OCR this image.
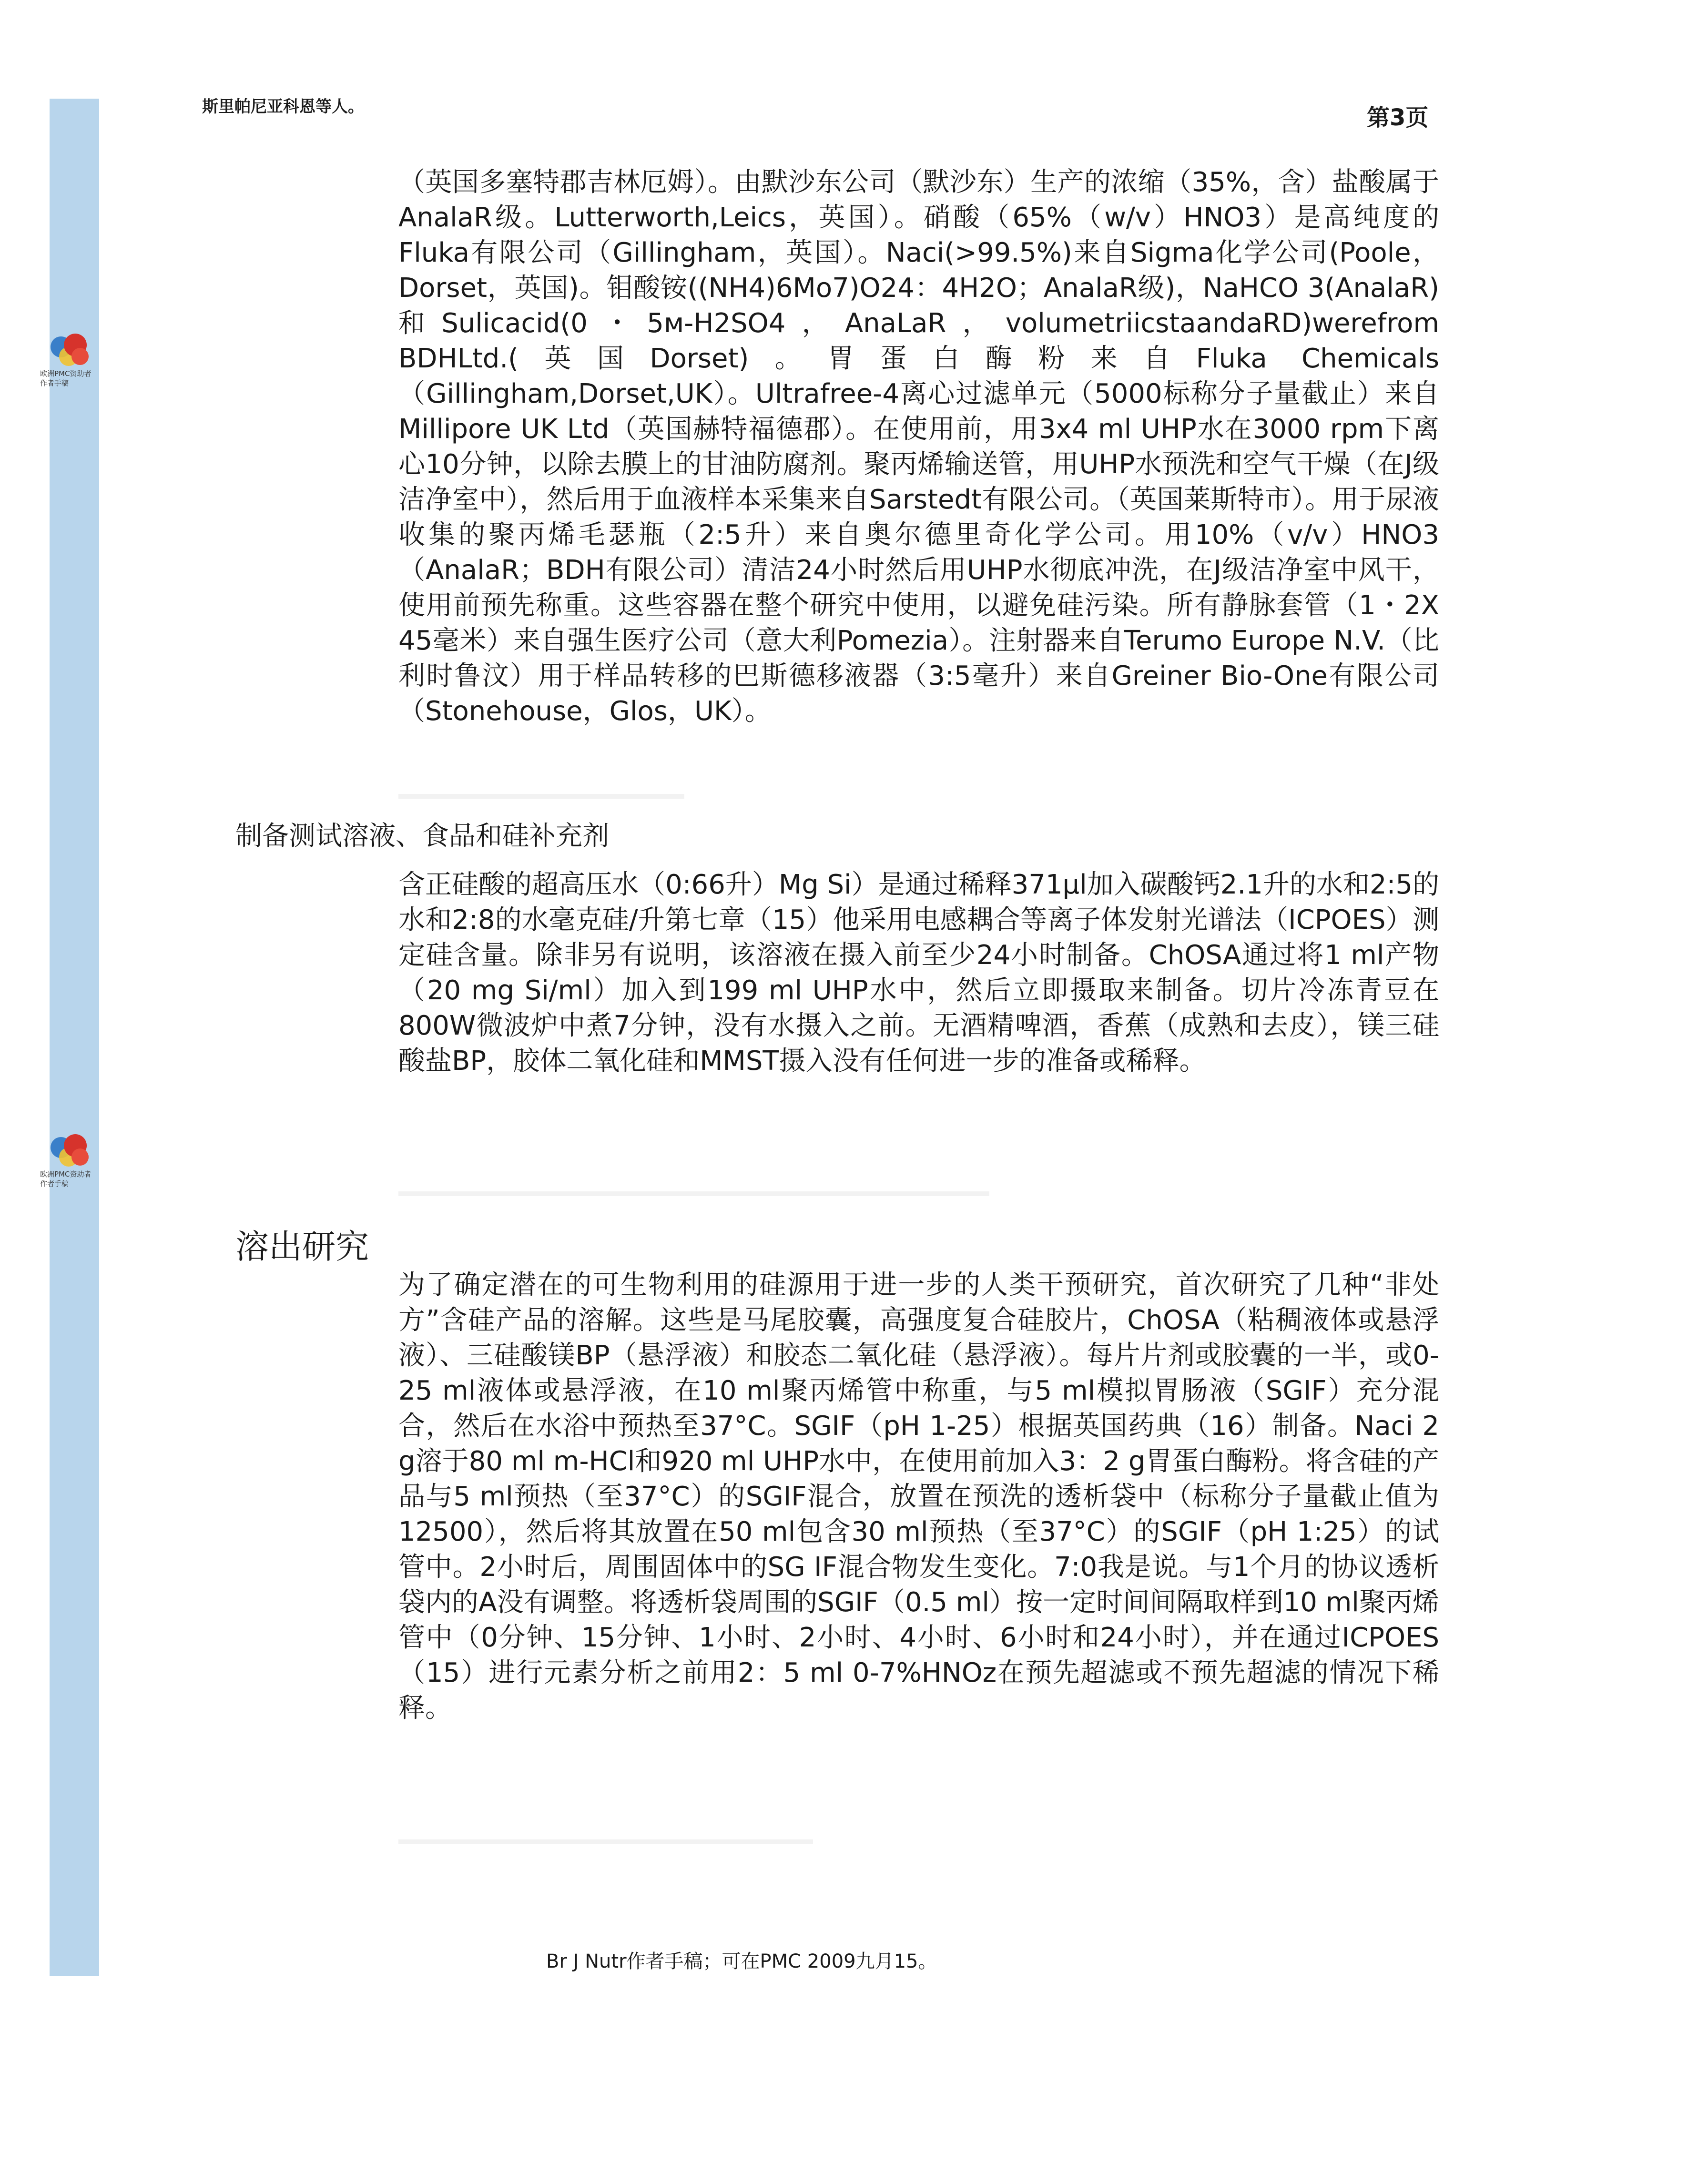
欧洲PMC资助者作者手稿
欧洲PMC资助者作者手稿
斯里帕尼亚科恩等人。	第3页

（英国多塞特郡吉林厄姆）。由默沙东公司（默沙东）生产的浓缩（35%，含）盐酸属于AnalaR级。Lutterworth,Leics，英国）。硝酸（65%（w/v）HNO3）是高纯度的Fluka有限公司（Gillingham，英国）。Naci(>99.5%)来自Sigma化学公司(Poole，Dorset，英国)。钼酸铵((NH4)6Mo7)O24：4H2O；AnalaR级)，NaHCO 3(AnalaR)和Sulicacid(0・5м-H2SO4，AnaLaR，volumetriicstaandaRD)werefrom BDHLtd.(英国Dorset)。胃蛋白酶粉来自Fluka Chemicals（Gillingham,Dorset,UK）。Ultrafree-4离心过滤单元（5000标称分子量截止）来自Millipore UK Ltd（英国赫特福德郡）。在使用前，用3x4 ml UHP水在3000 rpm下离心10分钟，以除去膜上的甘油防腐剂。聚丙烯输送管，用UHP水预洗和空气干燥（在J级洁净室中），然后用于血液样本采集来自Sarstedt有限公司。（英国莱斯特市）。用于尿液收集的聚丙烯毛瑟瓶（2:5升）来自奥尔德里奇化学公司。用10%（v/v）HNO3（AnalaR；BDH有限公司）清洁24小时然后用UHP水彻底冲洗，在J级洁净室中风干，使用前预先称重。这些容器在整个研究中使用，以避免硅污染。所有静脉套管（1・2X 45毫米）来自强生医疗公司（意大利Pomezia）。注射器来自Terumo Europe N.V.（比利时鲁汶）用于样品转移的巴斯德移液器（3:5毫升）来自Greiner Bio-One有限公司（Stonehouse，Glos，UK）。

制备测试溶液、食品和硅补充剂

含正硅酸的超高压水（0:66升）Mg Si）是通过稀释371μl加入碳酸钙2.1升的水和2:5的水和2:8的水毫克硅/升第七章（15）他采用电感耦合等离子体发射光谱法（ICPOES）测定硅含量。除非另有说明，该溶液在摄入前至少24小时制备。ChOSA通过将1 ml产物（20 mg Si/ml）加入到199 ml UHP水中，然后立即摄取来制备。切片冷冻青豆在800W微波炉中煮7分钟，没有水摄入之前。无酒精啤酒，香蕉（成熟和去皮），镁三硅酸盐BP，胶体二氧化硅和MMST摄入没有任何进一步的准备或稀释。

溶出研究

为了确定潜在的可生物利用的硅源用于进一步的人类干预研究，首次研究了几种“非处方”含硅产品的溶解。这些是马尾胶囊，高强度复合硅胶片，ChOSA（粘稠液体或悬浮液）、三硅酸镁BP（悬浮液）和胶态二氧化硅（悬浮液）。每片片剂或胶囊的一半，或0-25 ml液体或悬浮液，在10 ml聚丙烯管中称重，与5 ml模拟胃肠液（SGIF）充分混合，然后在水浴中预热至37°C。SGIF（pH 1-25）根据英国药典（16）制备。Naci 2 g溶于80 ml m-HCl和920 ml UHP水中，在使用前加入3：2 g胃蛋白酶粉。将含硅的产品与5 ml预热（至37°C）的SGIF混合，放置在预洗的透析袋中（标称分子量截止值为12500），然后将其放置在50 ml包含30 ml预热（至37°C）的SGIF（pH 1:25）的试管中。2小时后，周围固体中的SG IF混合物发生变化。7:0我是说。与1个月的协议透析袋内的A没有调整。将透析袋周围的SGIF（0.5 ml）按一定时间间隔取样到10 ml聚丙烯管中（0分钟、15分钟、1小时、2小时、4小时、6小时和24小时），并在通过ICPOES（15）进行元素分析之前用2：5 ml 0-7%HNOz在预先超滤或不预先超滤的情况下稀释。

Br J Nutr作者手稿；可在PMC 2009九月15。
